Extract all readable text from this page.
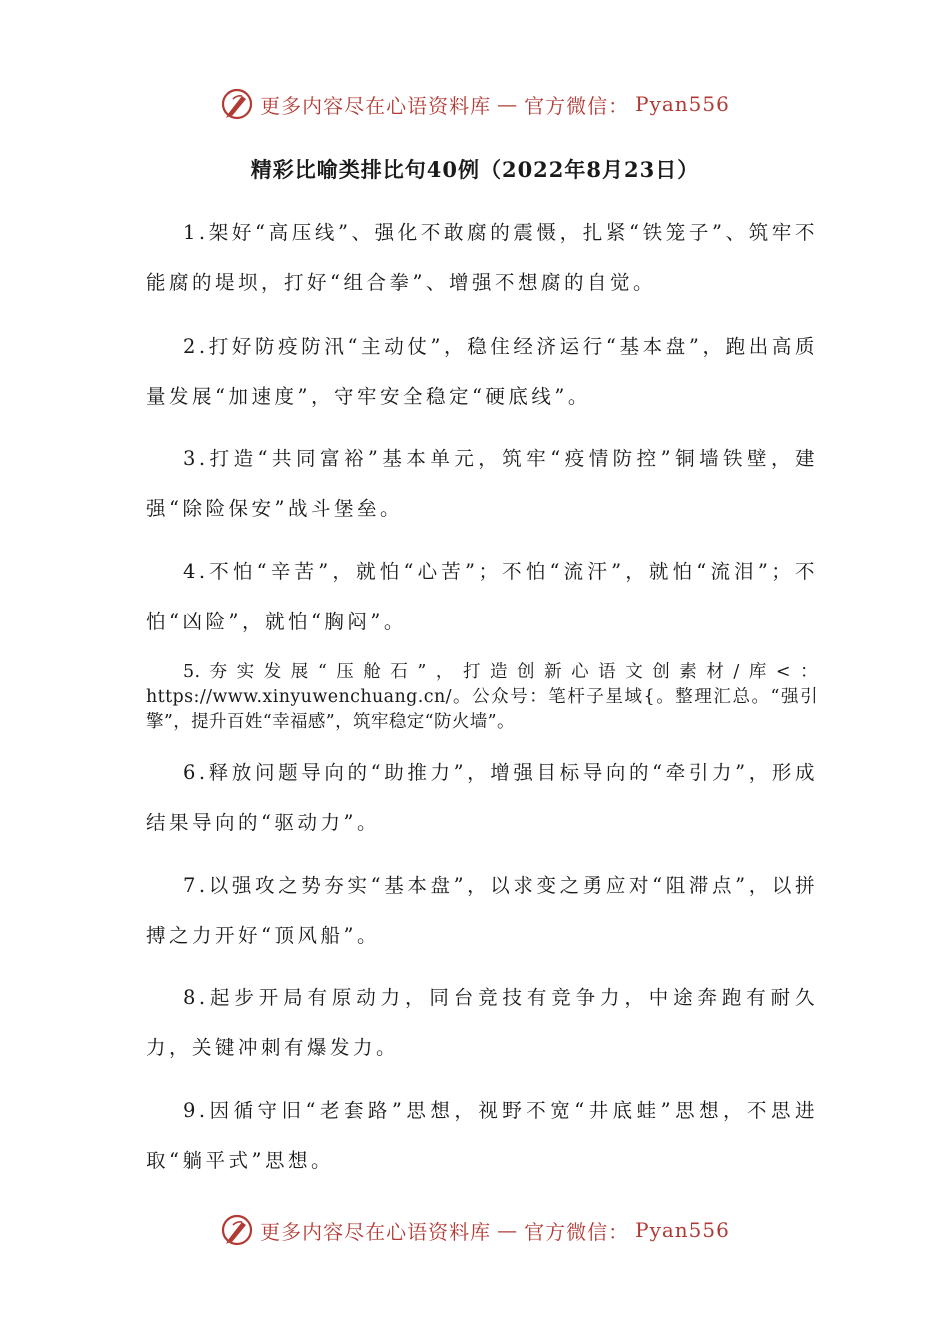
更多内容尽在心语资料库 — 官方微信： Pyan556
精彩比喻类排比句40例（2022年8月23日）

1.架好“高压线”、强化不敢腐的震慑，扎紧“铁笼子”、筑牢不能腐的堤坝，打好“组合拳”、增强不想腐的自觉。

2.打好防疫防汛“主动仗”，稳住经济运行“基本盘”，跑出高质量发展“加速度”，守牢安全稳定“硬底线”。

3.打造“共同富裕”基本单元，筑牢“疫情防控”铜墙铁壁，建强“除险保安”战斗堡垒。

4.不怕“辛苦”，就怕“心苦”；不怕“流汗”，就怕“流泪”；不怕“凶险”，就怕“胸闷”。

5.夯实发展“压舱石”，打造创新心语文创素材/库<：https://www.xinyuwenchuang.cn/。公众号：笔杆子星域{。整理汇总。“强引擎”，提升百姓“幸福感”，筑牢稳定“防火墙”。

6.释放问题导向的“助推力”，增强目标导向的“牵引力”，形成结果导向的“驱动力”。

7.以强攻之势夯实“基本盘”，以求变之勇应对“阻滞点”，以拼搏之力开好“顶风船”。

8.起步开局有原动力，同台竞技有竞争力，中途奔跑有耐久力，关键冲刺有爆发力。

9.因循守旧“老套路”思想，视野不宽“井底蛙”思想，不思进取“躺平式”思想。

更多内容尽在心语资料库 — 官方微信： Pyan556
